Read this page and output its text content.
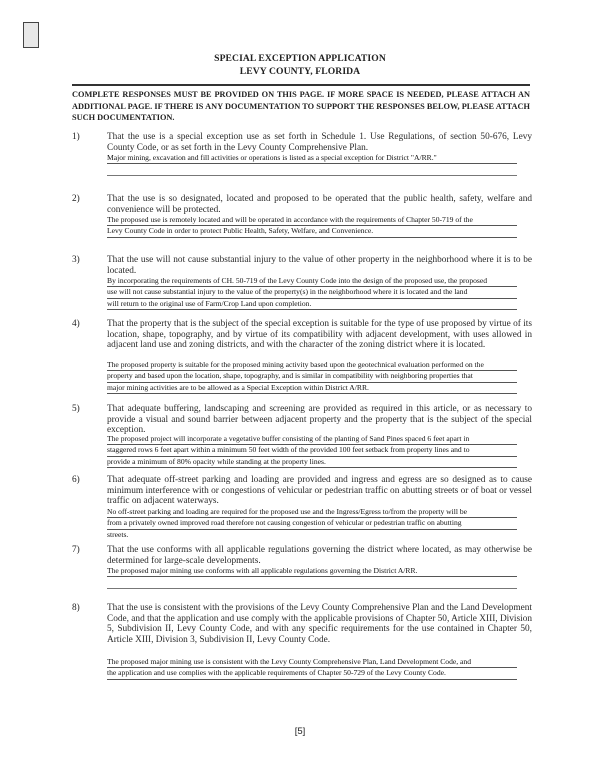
SPECIAL EXCEPTION APPLICATION
LEVY COUNTY, FLORIDA
COMPLETE RESPONSES MUST BE PROVIDED ON THIS PAGE. IF MORE SPACE IS NEEDED, PLEASE ATTACH AN ADDITIONAL PAGE. IF THERE IS ANY DOCUMENTATION TO SUPPORT THE RESPONSES BELOW, PLEASE ATTACH SUCH DOCUMENTATION.
1)	That the use is a special exception use as set forth in Schedule 1. Use Regulations, of section 50-676, Levy County Code, or as set forth in the Levy County Comprehensive Plan.
Major mining, excavation and fill activities or operations is listed as a special exception for District "A/RR."
2)	That the use is so designated, located and proposed to be operated that the public health, safety, welfare and convenience will be protected.
The proposed use is remotely located and will be operated in accordance with the requirements of Chapter 50-719 of the
Levy County Code in order to protect Public Health, Safety, Welfare, and Convenience.
3)	That the use will not cause substantial injury to the value of other property in the neighborhood where it is to be located.
By incorporating the requirements of CH. 50-719 of the Levy County Code into the design of the proposed use, the proposed
use will not cause substantial injury to the value of the property(s) in the neighborhood where it is located and the land
will return to the original use of Farm/Crop Land upon completion.
4)	That the property that is the subject of the special exception is suitable for the type of use proposed by virtue of its location, shape, topography, and by virtue of its compatibility with adjacent development, with uses allowed in adjacent land use and zoning districts, and with the character of the zoning district where it is located.
The proposed property is suitable for the proposed mining activity based upon the geotechnical evaluation performed on the
property and based upon the location, shape, topography, and is similar in compatibility with neighboring properties that
major mining activities are to be allowed as a Special Exception within District A/RR.
5)	That adequate buffering, landscaping and screening are provided as required in this article, or as necessary to provide a visual and sound barrier between adjacent property and the property that is the subject of the special exception.
The proposed project will incorporate a vegetative buffer consisting of the planting of Sand Pines spaced 6 feet apart in
staggered rows 6 feet apart within a minimum 50 feet width of the provided 100 feet setback from property lines and to
provide a minimum of 80% opacity while standing at the property lines.
6)	That adequate off-street parking and loading are provided and ingress and egress are so designed as to cause minimum interference with or congestions of vehicular or pedestrian traffic on abutting streets or of boat or vessel traffic on adjacent waterways.
No off-street parking and loading are required for the proposed use and the Ingress/Egress to/from the property will be
from a privately owned improved road therefore not causing congestion of vehicular or pedestrian traffic on abutting
streets.
7)	That the use conforms with all applicable regulations governing the district where located, as may otherwise be determined for large-scale developments.
The proposed major mining use conforms with all applicable regulations governing the District A/RR.
8)	That the use is consistent with the provisions of the Levy County Comprehensive Plan and the Land Development Code, and that the application and use comply with the applicable provisions of Chapter 50, Article XIII, Division 5, Subdivision II, Levy County Code, and with any specific requirements for the use contained in Chapter 50, Article XIII, Division 3, Subdivision II, Levy County Code.
The proposed major mining use is consistent with the Levy County Comprehensive Plan, Land Development Code, and
the application and use complies with the applicable requirements of Chapter 50-729 of the Levy County Code.
[5]
